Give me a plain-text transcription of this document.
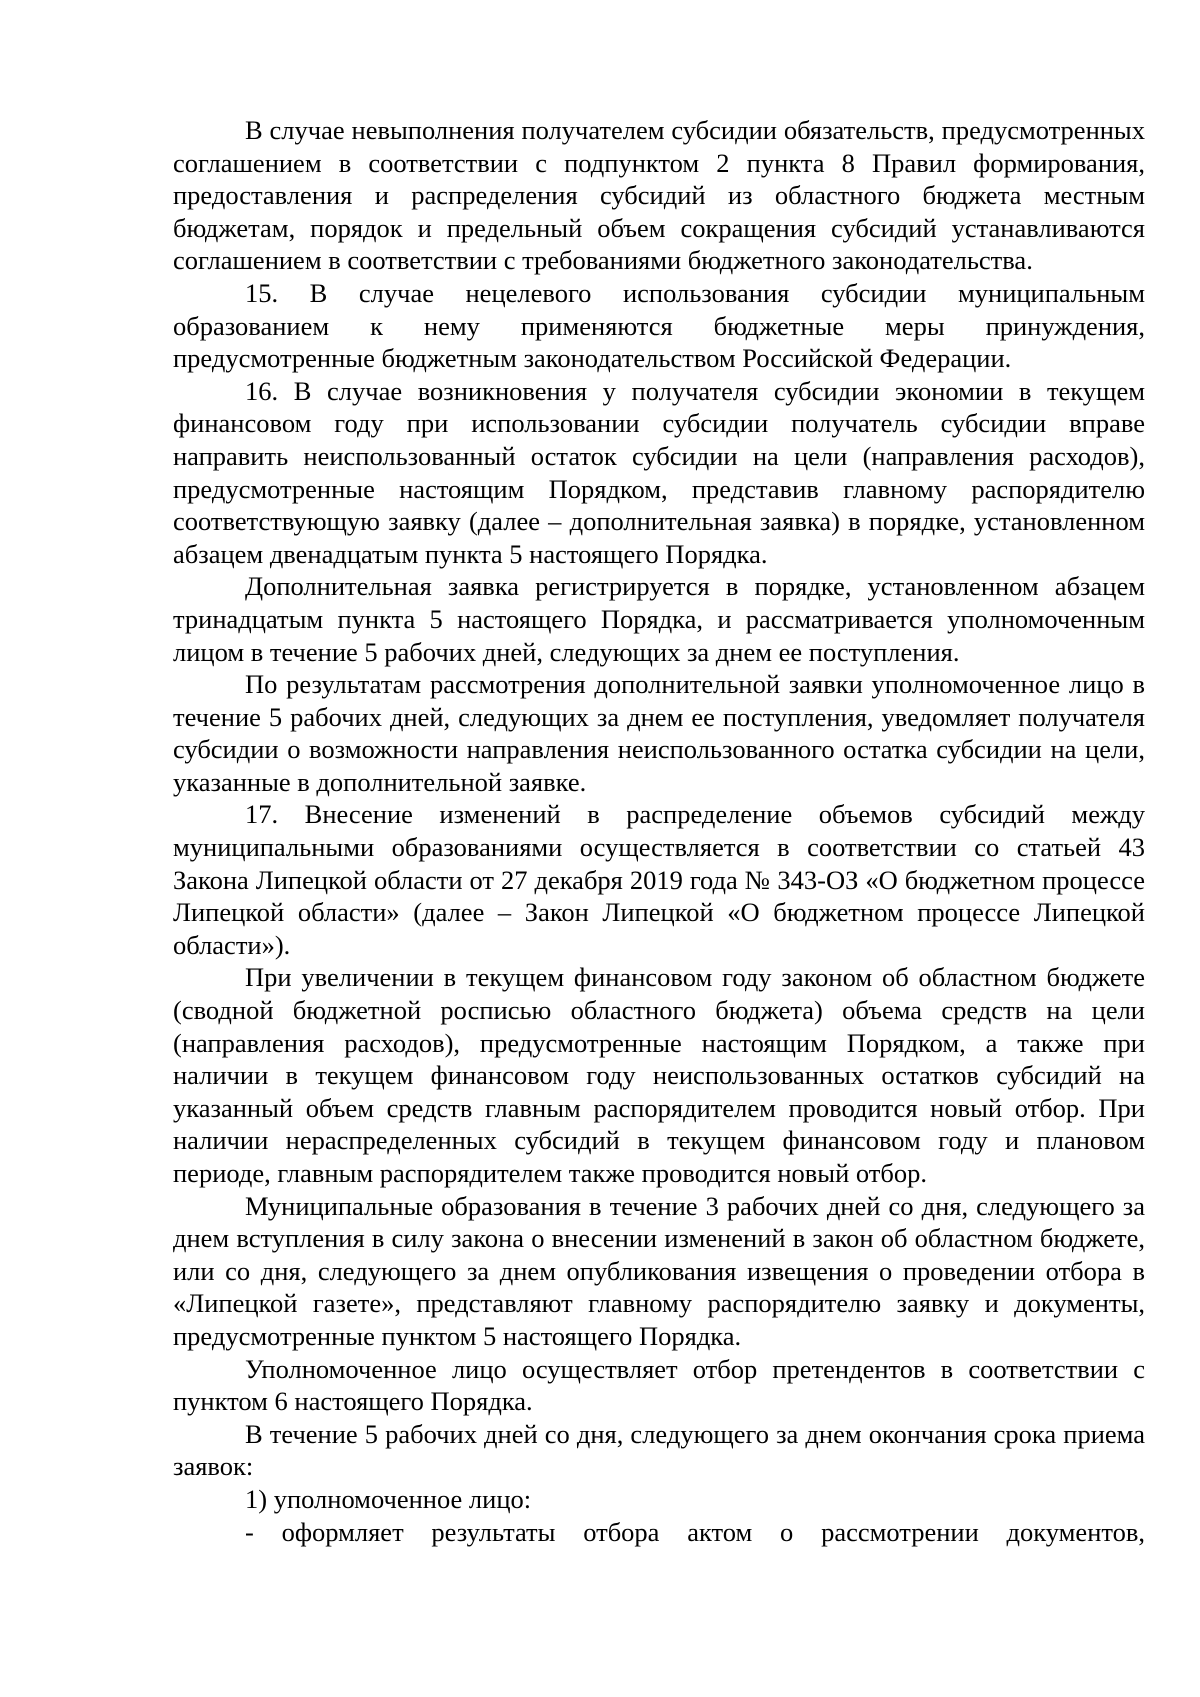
В случае невыполнения получателем субсидии обязательств, предусмотренных соглашением в соответствии с подпунктом 2 пункта 8 Правил формирования, предоставления и распределения субсидий из областного бюджета местным бюджетам, порядок и предельный объем сокращения субсидий устанавливаются соглашением в соответствии с требованиями бюджетного законодательства.

15. В случае нецелевого использования субсидии муниципальным образованием к нему применяются бюджетные меры принуждения, предусмотренные бюджетным законодательством Российской Федерации.

16. В случае возникновения у получателя субсидии экономии в текущем финансовом году при использовании субсидии получатель субсидии вправе направить неиспользованный остаток субсидии на цели (направления расходов), предусмотренные настоящим Порядком, представив главному распорядителю соответствующую заявку (далее – дополнительная заявка) в порядке, установленном абзацем двенадцатым пункта 5 настоящего Порядка.

Дополнительная заявка регистрируется в порядке, установленном абзацем тринадцатым пункта 5 настоящего Порядка, и рассматривается уполномоченным лицом в течение 5 рабочих дней, следующих за днем ее поступления.

По результатам рассмотрения дополнительной заявки уполномоченное лицо в течение 5 рабочих дней, следующих за днем ее поступления, уведомляет получателя субсидии о возможности направления неиспользованного остатка субсидии на цели, указанные в дополнительной заявке.

17. Внесение изменений в распределение объемов субсидий между муниципальными образованиями осуществляется в соответствии со статьей 43 Закона Липецкой области от 27 декабря 2019 года № 343-ОЗ «О бюджетном процессе Липецкой области» (далее – Закон Липецкой «О бюджетном процессе Липецкой области»).

При увеличении в текущем финансовом году законом об областном бюджете (сводной бюджетной росписью областного бюджета) объема средств на цели (направления расходов), предусмотренные настоящим Порядком, а также при наличии в текущем финансовом году неиспользованных остатков субсидий на указанный объем средств главным распорядителем проводится новый отбор. При наличии нераспределенных субсидий в текущем финансовом году и плановом периоде, главным распорядителем также проводится новый отбор.

Муниципальные образования в течение 3 рабочих дней со дня, следующего за днем вступления в силу закона о внесении изменений в закон об областном бюджете, или со дня, следующего за днем опубликования извещения о проведении отбора в «Липецкой газете», представляют главному распорядителю заявку и документы, предусмотренные пунктом 5 настоящего Порядка.

Уполномоченное лицо осуществляет отбор претендентов в соответствии с пунктом 6 настоящего Порядка.

В течение 5 рабочих дней со дня, следующего за днем окончания срока приема заявок:

1) уполномоченное лицо:

- оформляет результаты отбора актом о рассмотрении документов,
